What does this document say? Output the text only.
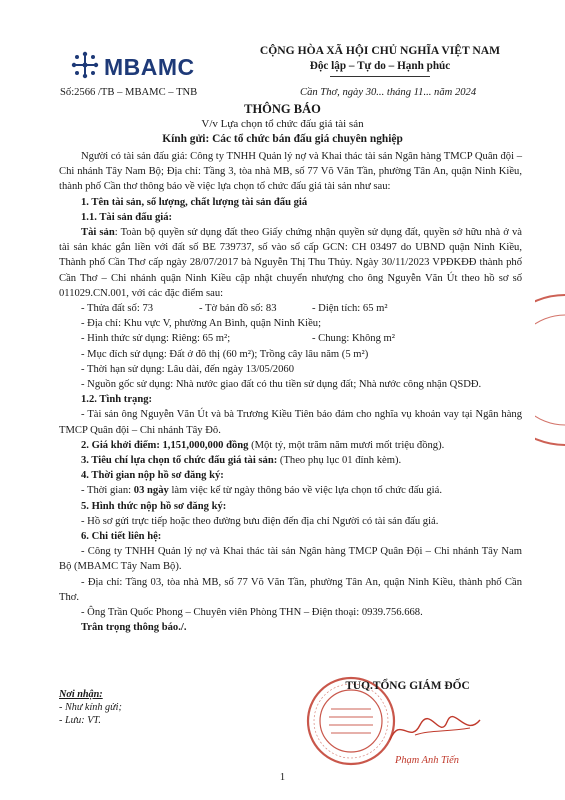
MBAMC
CỘNG HÒA XÃ HỘI CHỦ NGHĨA VIỆT NAM
Độc lập – Tự do – Hạnh phúc
Số:2566 /TB – MBAMC – TNB	Cần Thơ, ngày 30... tháng 11... năm 2024
THÔNG BÁO
V/v Lựa chọn tổ chức đấu giá tài sản
Kính gửi: Các tổ chức bán đấu giá chuyên nghiệp

Người có tài sản đấu giá: Công ty TNHH Quản lý nợ và Khai thác tài sản Ngân hàng TMCP Quân đội – Chi nhánh Tây Nam Bộ; Địa chỉ: Tầng 3, tòa nhà MB, số 77 Võ Văn Tần, phường Tân An, quận Ninh Kiều, thành phố Cần thơ thông báo về việc lựa chọn tổ chức đấu giá tài sản như sau:

1. Tên tài sản, số lượng, chất lượng tài sản đấu giá

1.1. Tài sản đấu giá:

Tài sản: Toàn bộ quyền sử dụng đất theo Giấy chứng nhận quyền sử dụng đất, quyền sở hữu nhà ở và tài sản khác gắn liền với đất số BE 739737, số vào sổ cấp GCN: CH 03497 do UBND quận Ninh Kiều, Thành phố Cần Thơ cấp ngày 28/07/2017 bà Nguyễn Thị Thu Thủy. Ngày 30/11/2023 VPĐKĐĐ thành phố Cần Thơ – Chi nhánh quận Ninh Kiều cập nhật chuyển nhượng cho ông Nguyễn Văn Út theo hồ sơ số 011029.CN.001, với các đặc điểm sau:

- Thửa đất số: 73	- Tờ bản đồ số: 83	- Diện tích: 65 m²

- Địa chỉ: Khu vực V, phường An Bình, quận Ninh Kiều;

- Hình thức sử dụng: Riêng: 65 m²;	- Chung: Không m²

- Mục đích sử dụng: Đất ở đô thị (60 m²); Trồng cây lâu năm (5 m²)

- Thời hạn sử dụng: Lâu dài, đến ngày 13/05/2060

- Nguồn gốc sử dụng: Nhà nước giao đất có thu tiền sử dụng đất; Nhà nước công nhận QSDĐ.

1.2. Tình trạng:

- Tài sản ông Nguyễn Văn Út và bà Trương Kiều Tiên bảo đảm cho nghĩa vụ khoản vay tại Ngân hàng TMCP Quân đội – Chi nhánh Tây Đô.

2. Giá khởi điểm: 1,151,000,000 đồng (Một tỷ, một trăm năm mươi mốt triệu đồng).

3. Tiêu chí lựa chọn tổ chức đấu giá tài sản: (Theo phụ lục 01 đính kèm).

4. Thời gian nộp hồ sơ đăng ký:

- Thời gian: 03 ngày làm việc kể từ ngày thông báo về việc lựa chọn tổ chức đấu giá.

5. Hình thức nộp hồ sơ đăng ký:

- Hồ sơ gửi trực tiếp hoặc theo đường bưu điện đến địa chỉ Người có tài sản đấu giá.

6. Chi tiết liên hệ:

- Công ty TNHH Quản lý nợ và Khai thác tài sản Ngân hàng TMCP Quân Đội – Chi nhánh Tây Nam Bộ (MBAMC Tây Nam Bộ).

- Địa chỉ: Tầng 03, tòa nhà MB, số 77 Võ Văn Tần, phường Tân An, quận Ninh Kiều, thành phố Cần Thơ.

- Ông Trần Quốc Phong – Chuyên viên Phòng THN – Điện thoại: 0939.756.668.

Trân trọng thông báo./.

Nơi nhận:
- Như kính gửi;
- Lưu: VT.
TUQ.TỔNG GIÁM ĐỐC
Phạm Anh Tiến
1
